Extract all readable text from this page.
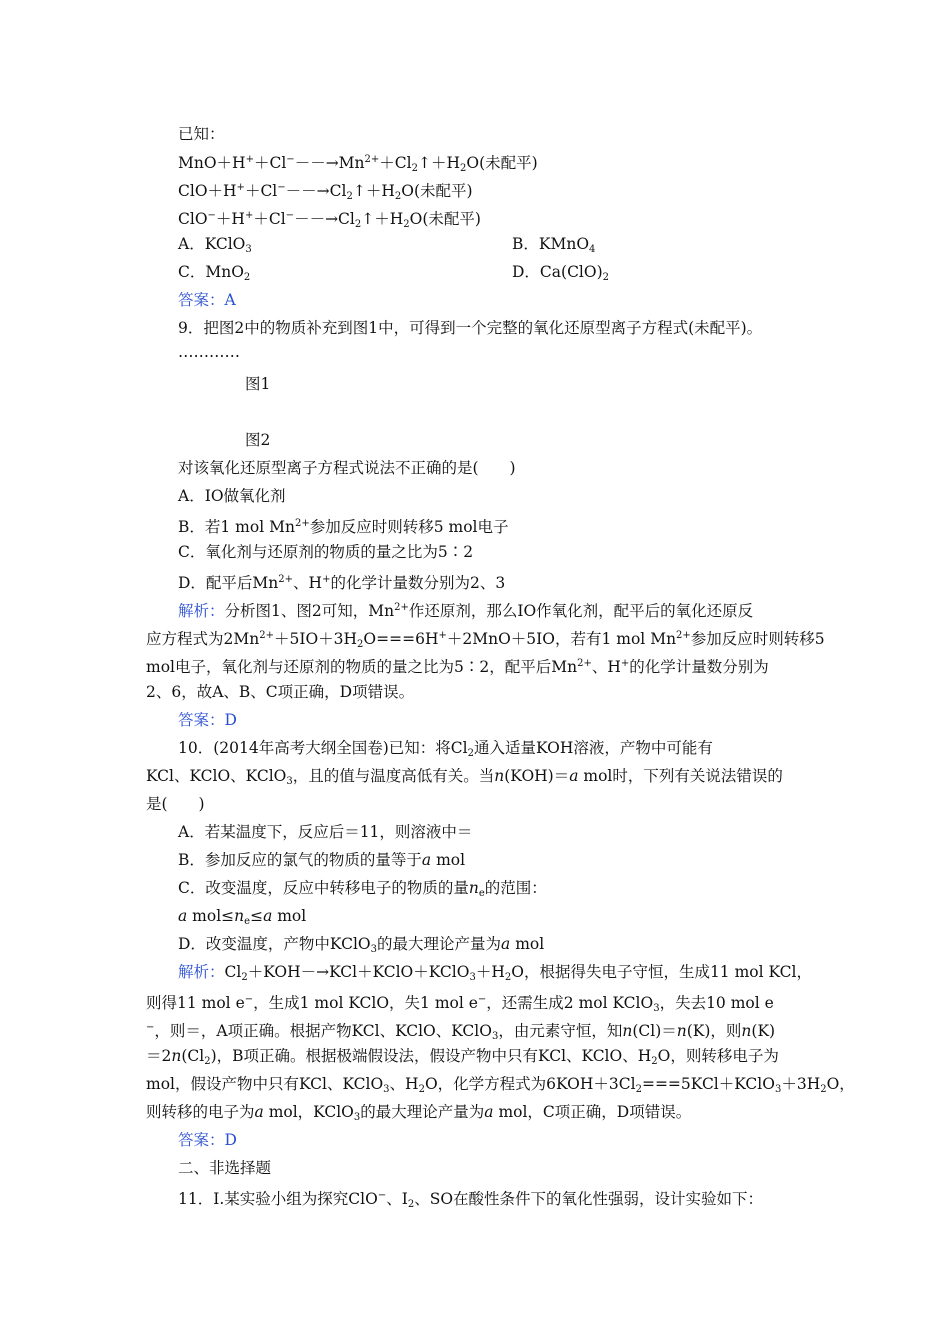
已知：
$MnO+H^++Cl^---\to Mn^{2+}+Cl_2↑+H_2O$(未配平)
$ClO+H^++Cl^---\to Cl_2↑+H_2O$(未配平)
$ClO^-+H^++Cl^---\to Cl_2↑+H_2O$(未配平)
A．KClO$_3$	B．KMnO$_4$
C．MnO$_2$	D．$Ca(ClO)_2$
答案：A
9．把图2中的物质补充到图1中，可得到一个完整的氧化还原型离子方程式(未配平)。
…………
图1
图2
对该氧化还原型离子方程式说法不正确的是(　　)
A．IO做氧化剂
B．若1 mol $Mn^{2+}$参加反应时则转移5 mol电子
C．氧化剂与还原剂的物质的量之比为5∶2
D．配平后$Mn^{2+}$、H+的化学计量数分别为2、3
解析：分析图1、图2可知，$Mn^{2+}$作还原剂，那么IO作氧化剂，配平后的氧化还原反
应方程式为$2Mn^{2+}+5IO+3H_2O===6H^++2MnO+5IO$，若有1 mol $Mn^{2+}$参加反应时则转移5
mol电子，氧化剂与还原剂的物质的量之比为5∶2，配平后$Mn^{2+}$、H+的化学计量数分别为
2、6，故A、B、C项正确，D项错误。
答案：D
10．(2014年高考大纲全国卷)已知：将$Cl_2$通入适量KOH溶液，产物中可能有
KCl、KClO、KClO$_3$，且的值与温度高低有关。当n(KOH)＝a mol时，下列有关说法错误的
是(　　)
A．若某温度下，反应后＝11，则溶液中＝
B．参加反应的氯气的物质的量等于a mol
C．改变温度，反应中转移电子的物质的量$n_e$的范围：
a $mol\le n_e\le a$ mol
D．改变温度，产物中KClO$_3$的最大理论产量为a mol
解析：$Cl_2+KOH-\to KCl+KClO+KClO_3+H_2O$，根据得失电子守恒，生成11 mol KCl，
则得11 mol e−，生成1 mol KClO，失1 mol e−，还需生成2 mol KClO$_3$，失去10 mol e
−，则＝，A项正确。根据产物KCl、KClO、KClO$_3$，由元素守恒，知n(Cl)＝n(K)，则n(K)
$=2n(Cl_2)$，B项正确。根据极端假设法，假设产物中只有KCl、KClO、$H_2O$，则转移电子为
mol，假设产物中只有KCl、KClO$_3$、$H_2O$，化学方程式为$6KOH+3Cl_2===5KCl+KClO_3+3H_2O$，
则转移的电子为a mol，KClO$_3$的最大理论产量为a mol，C项正确，D项错误。
答案：D
二、非选择题
11．Ⅰ.某实验小组为探究ClO−、$I_2$、SO在酸性条件下的氧化性强弱，设计实验如下：
